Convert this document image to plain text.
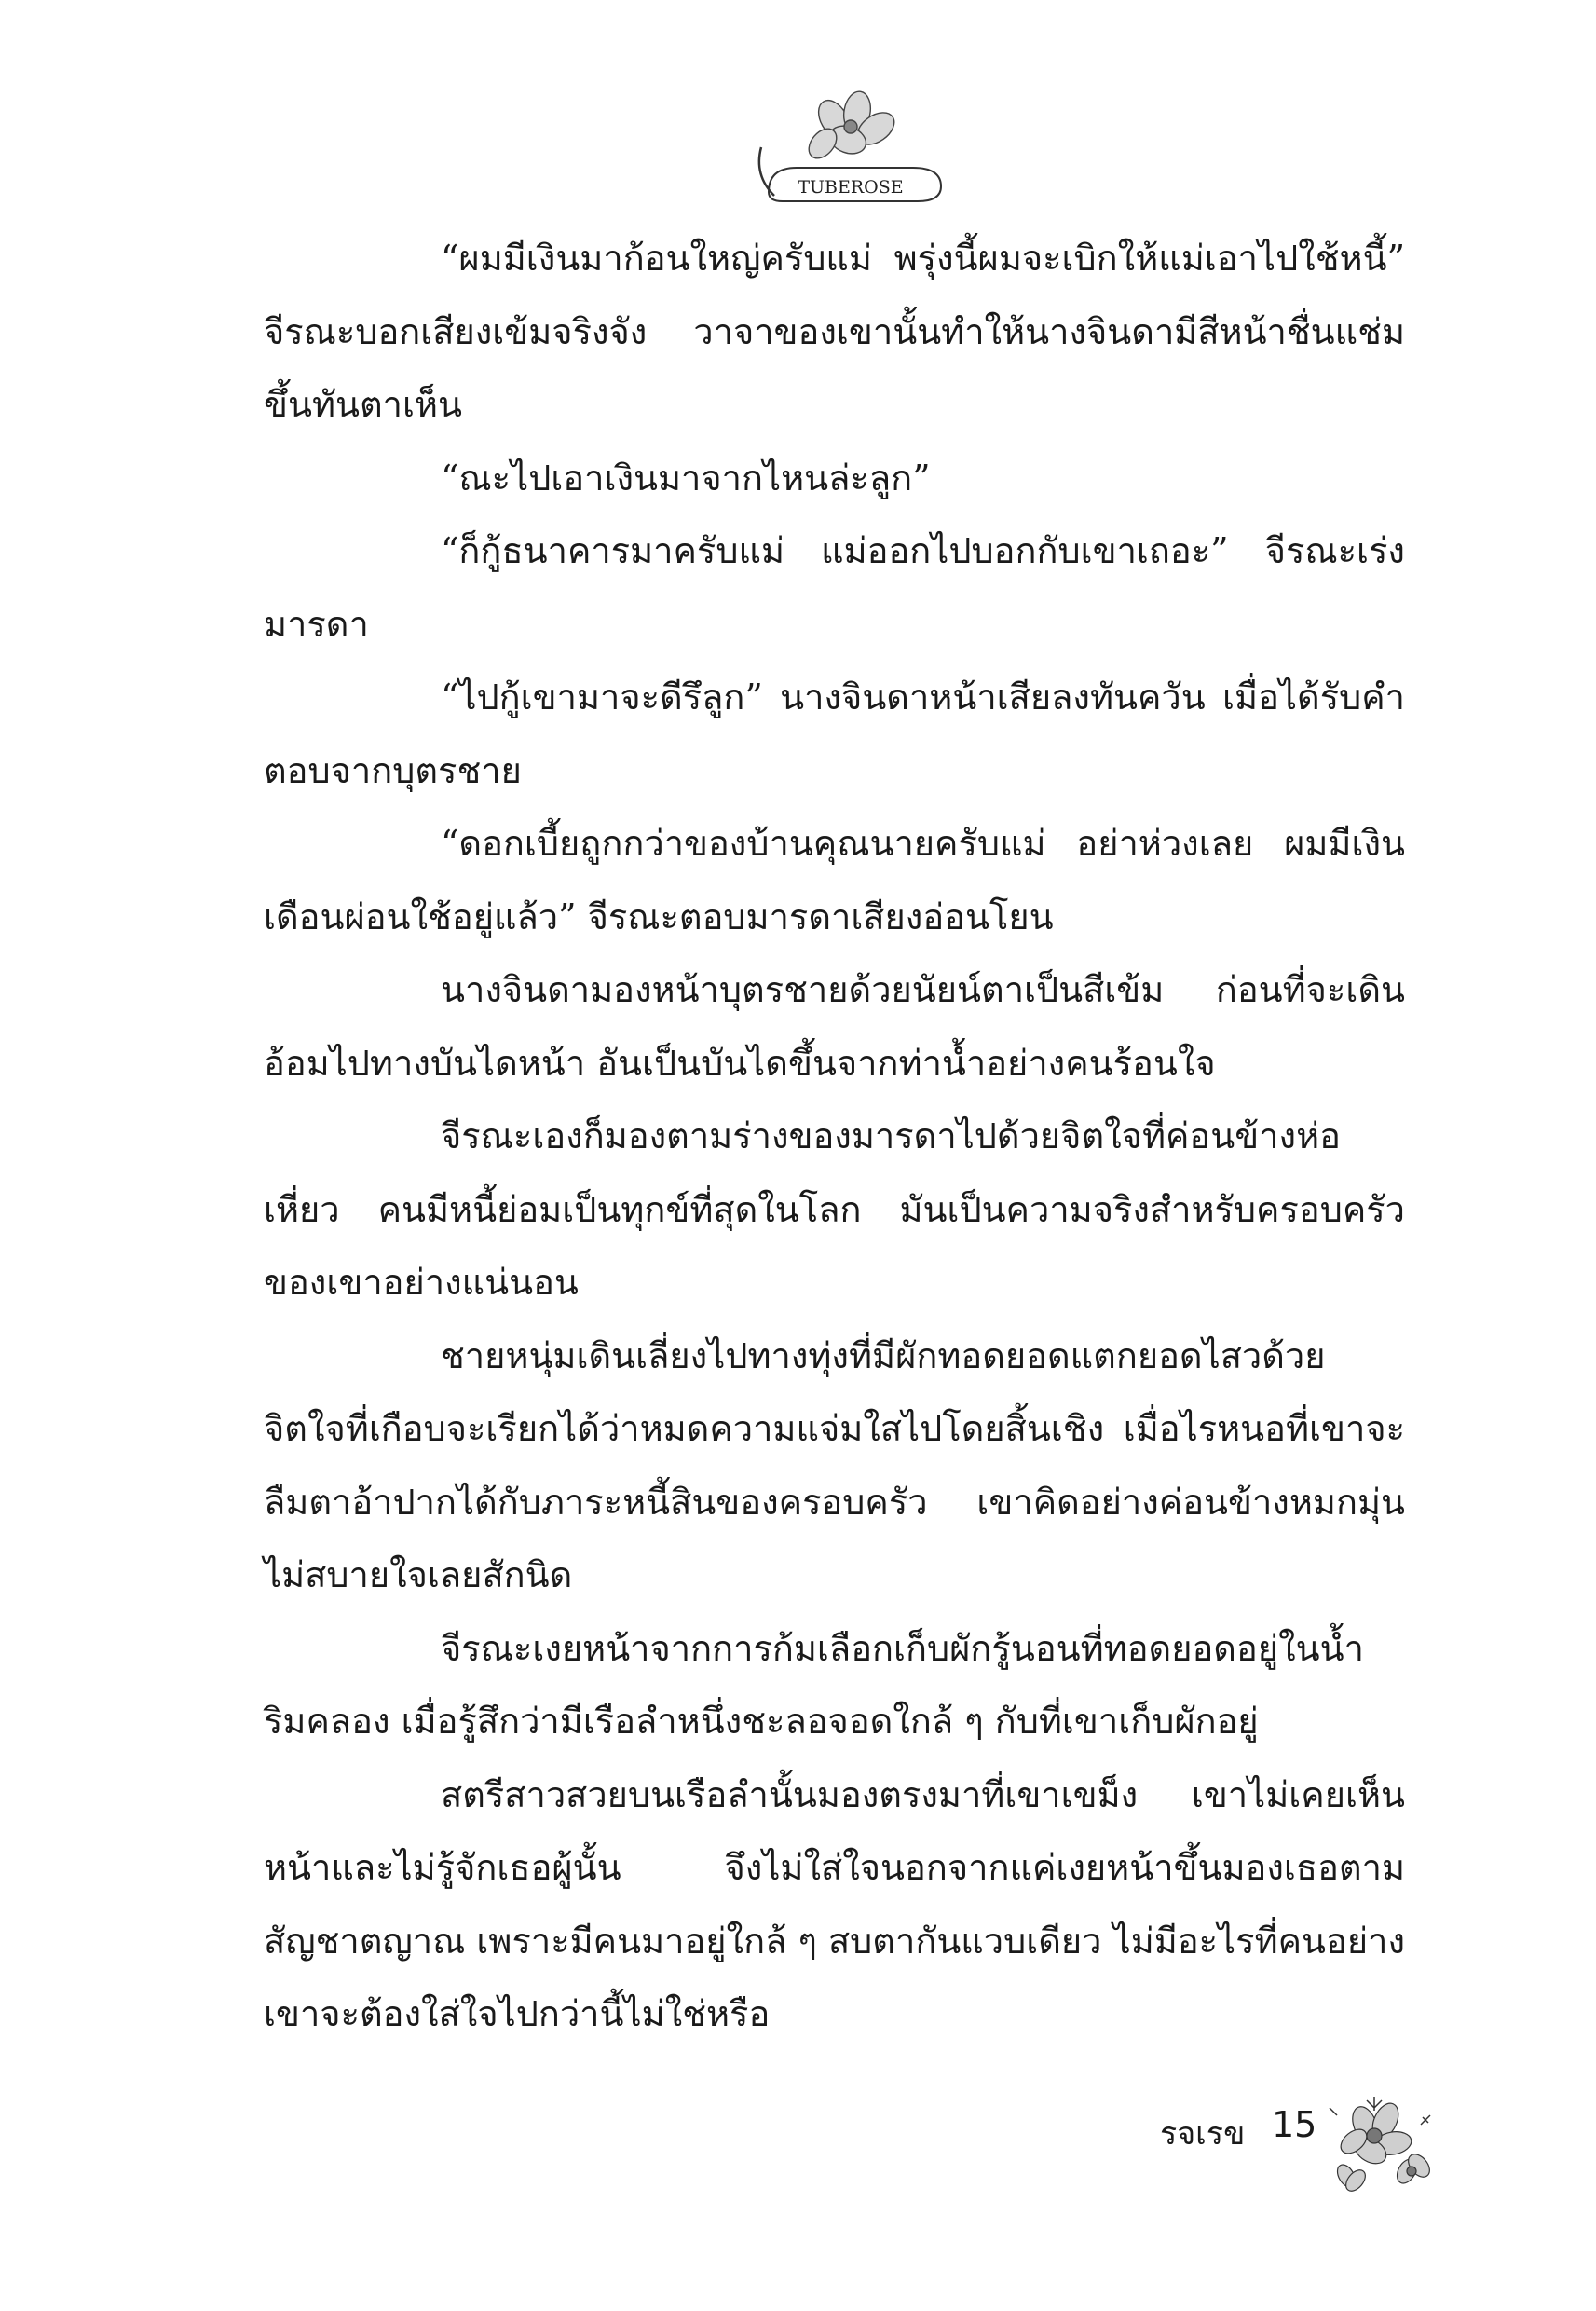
TUBEROSE

“ผมมีเงินมาก้อนใหญ่ครับแม่ พรุ่งนี้ผมจะเบิกให้แม่เอาไปใช้หนี้” จีรณะบอกเสียงเข้มจริงจัง วาจาของเขานั้นทำให้นางจินดามีสีหน้าชื่นแช่มขึ้นทันตาเห็น

“ณะไปเอาเงินมาจากไหนล่ะลูก”

“ก็กู้ธนาคารมาครับแม่ แม่ออกไปบอกกับเขาเถอะ” จีรณะเร่งมารดา

“ไปกู้เขามาจะดีรึลูก” นางจินดาหน้าเสียลงทันควัน เมื่อได้รับคำตอบจากบุตรชาย

“ดอกเบี้ยถูกกว่าของบ้านคุณนายครับแม่ อย่าห่วงเลย ผมมีเงินเดือนผ่อนใช้อยู่แล้ว” จีรณะตอบมารดาเสียงอ่อนโยน

นางจินดามองหน้าบุตรชายด้วยนัยน์ตาเป็นสีเข้ม ก่อนที่จะเดินอ้อมไปทางบันไดหน้า อันเป็นบันไดขึ้นจากท่าน้ำอย่างคนร้อนใจ

จีรณะเองก็มองตามร่างของมารดาไปด้วยจิตใจที่ค่อนข้างห่อเหี่ยว คนมีหนี้ย่อมเป็นทุกข์ที่สุดในโลก มันเป็นความจริงสำหรับครอบครัวของเขาอย่างแน่นอน

ชายหนุ่มเดินเลี่ยงไปทางทุ่งที่มีผักทอดยอดแตกยอดไสวด้วยจิตใจที่เกือบจะเรียกได้ว่าหมดความแจ่มใสไปโดยสิ้นเชิง เมื่อไรหนอที่เขาจะลืมตาอ้าปากได้กับภาระหนี้สินของครอบครัว เขาคิดอย่างค่อนข้างหมกมุ่นไม่สบายใจเลยสักนิด

จีรณะเงยหน้าจากการก้มเลือกเก็บผักรู้นอนที่ทอดยอดอยู่ในน้ำริมคลอง เมื่อรู้สึกว่ามีเรือลำหนึ่งชะลอจอดใกล้ ๆ กับที่เขาเก็บผักอยู่

สตรีสาวสวยบนเรือลำนั้นมองตรงมาที่เขาเขม็ง เขาไม่เคยเห็นหน้าและไม่รู้จักเธอผู้นั้น จึงไม่ใส่ใจนอกจากแค่เงยหน้าขึ้นมองเธอตามสัญชาตญาณ เพราะมีคนมาอยู่ใกล้ ๆ สบตากันแวบเดียว ไม่มีอะไรที่คนอย่างเขาจะต้องใส่ใจไปกว่านี้ไม่ใช่หรือ

รจเรข 15
